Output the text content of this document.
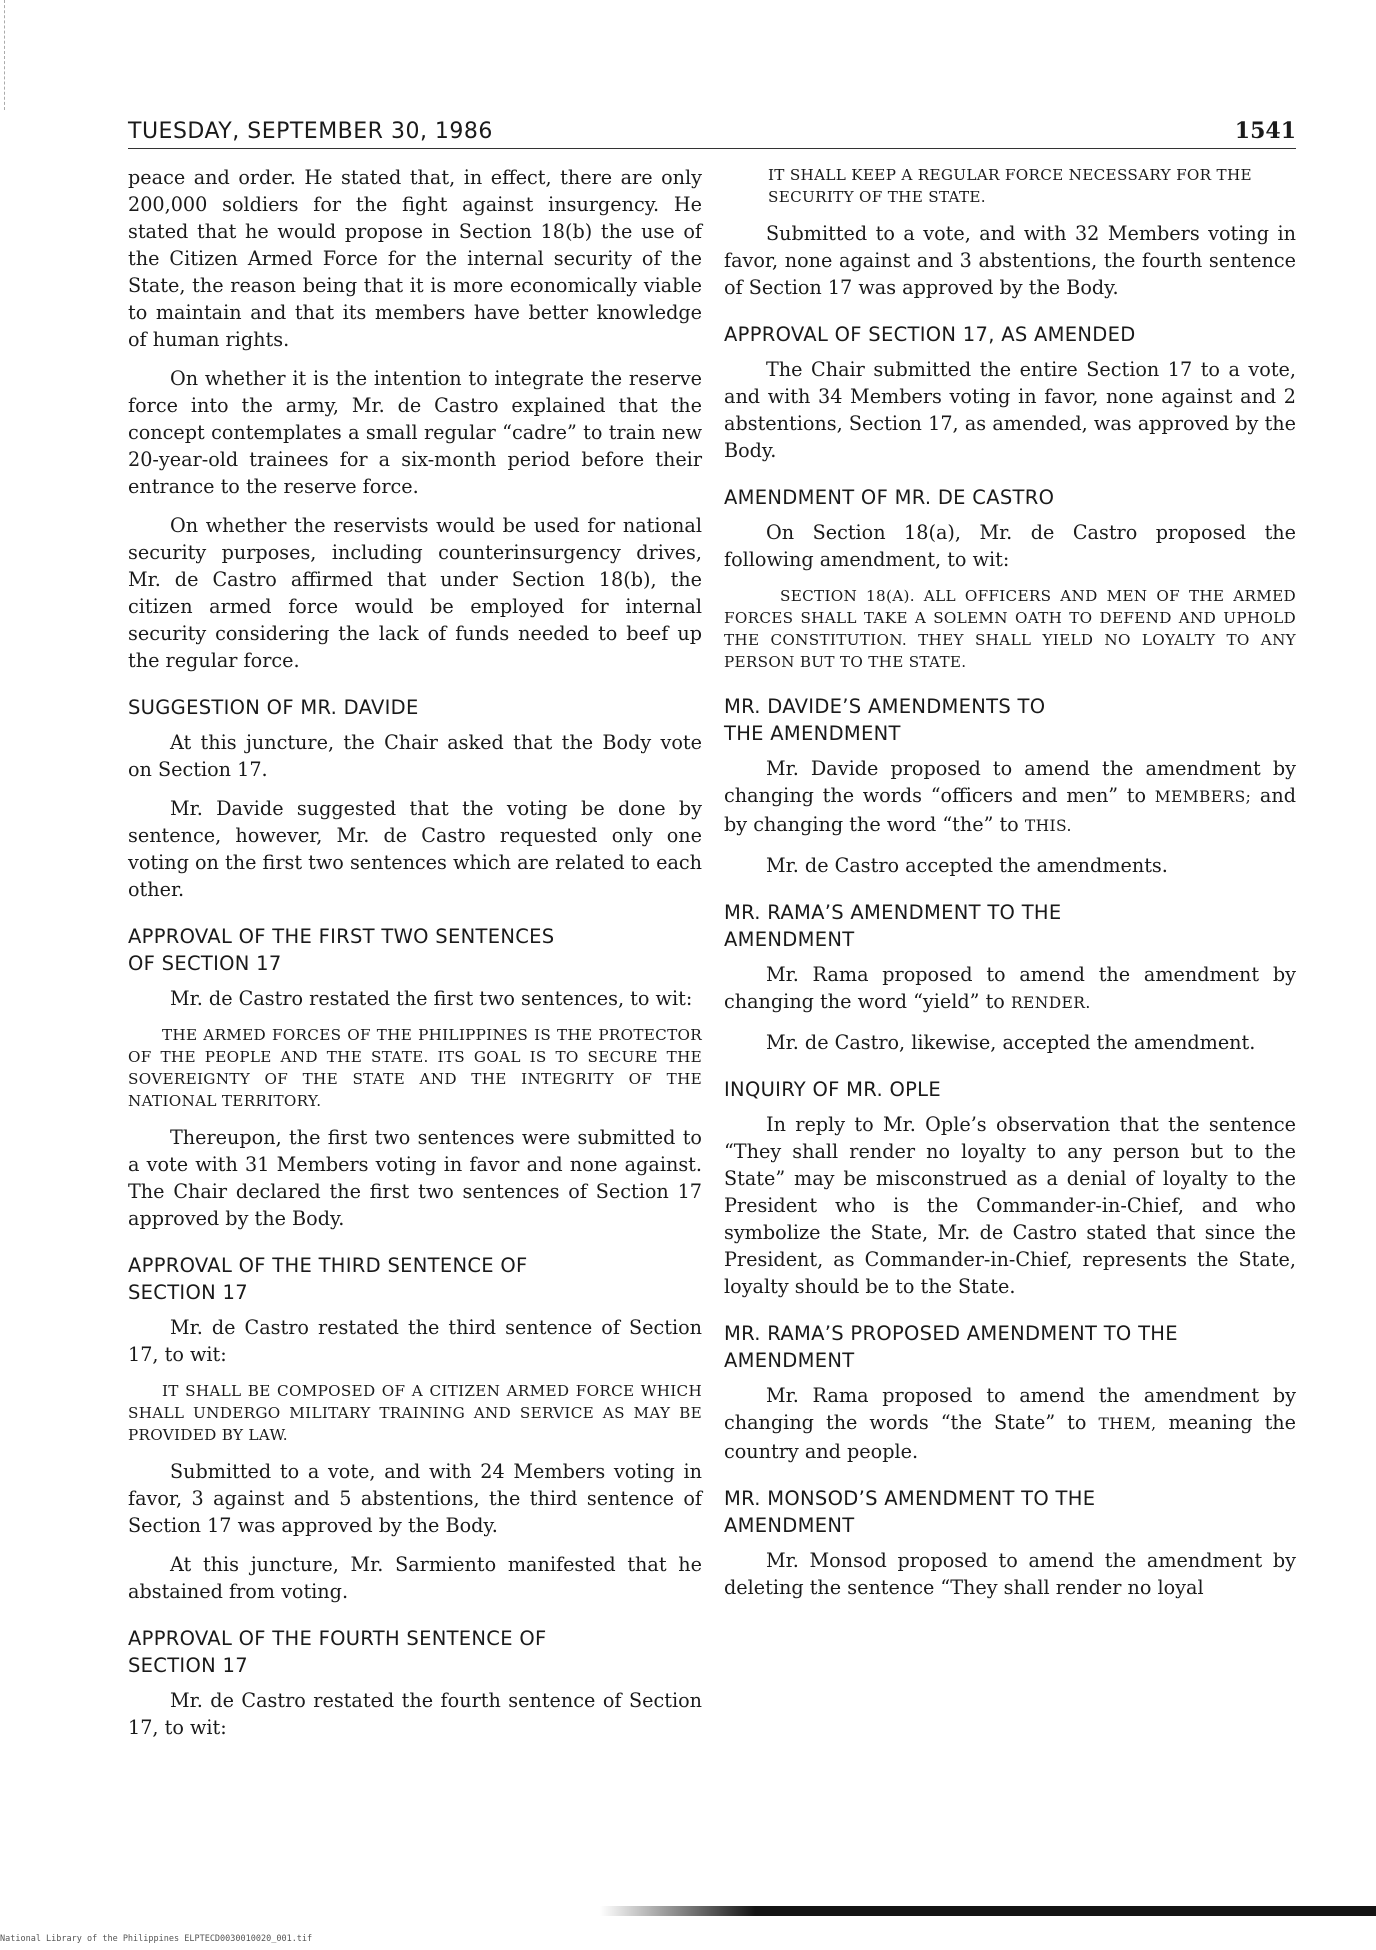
TUESDAY, SEPTEMBER 30, 1986	1541

peace and order. He stated that, in effect, there are only 200,000 soldiers for the fight against insurgency. He stated that he would propose in Section 18(b) the use of the Citizen Armed Force for the internal security of the State, the reason being that it is more economically viable to maintain and that its members have better knowledge of human rights.

On whether it is the intention to integrate the reserve force into the army, Mr. de Castro explained that the concept contemplates a small regular “cadre” to train new 20-year-old trainees for a six-month period before their entrance to the reserve force.

On whether the reservists would be used for national security purposes, including counterinsurgency drives, Mr. de Castro affirmed that under Section 18(b), the citizen armed force would be employed for internal security considering the lack of funds needed to beef up the regular force.

SUGGESTION OF MR. DAVIDE

At this juncture, the Chair asked that the Body vote on Section 17.

Mr. Davide suggested that the voting be done by sentence, however, Mr. de Castro requested only one voting on the first two sentences which are related to each other.

APPROVAL OF THE FIRST TWO SENTENCES OF SECTION 17

Mr. de Castro restated the first two sentences, to wit:

THE ARMED FORCES OF THE PHILIPPINES IS THE PROTECTOR OF THE PEOPLE AND THE STATE. ITS GOAL IS TO SECURE THE SOVEREIGNTY OF THE STATE AND THE INTEGRITY OF THE NATIONAL TERRITORY.

Thereupon, the first two sentences were submitted to a vote with 31 Members voting in favor and none against. The Chair declared the first two sentences of Section 17 approved by the Body.

APPROVAL OF THE THIRD SENTENCE OF SECTION 17

Mr. de Castro restated the third sentence of Section 17, to wit:

IT SHALL BE COMPOSED OF A CITIZEN ARMED FORCE WHICH SHALL UNDERGO MILITARY TRAINING AND SERVICE AS MAY BE PROVIDED BY LAW.

Submitted to a vote, and with 24 Members voting in favor, 3 against and 5 abstentions, the third sentence of Section 17 was approved by the Body.

At this juncture, Mr. Sarmiento manifested that he abstained from voting.

APPROVAL OF THE FOURTH SENTENCE OF SECTION 17

Mr. de Castro restated the fourth sentence of Section 17, to wit:

IT SHALL KEEP A REGULAR FORCE NECESSARY FOR THE SECURITY OF THE STATE.

Submitted to a vote, and with 32 Members voting in favor, none against and 3 abstentions, the fourth sentence of Section 17 was approved by the Body.

APPROVAL OF SECTION 17, AS AMENDED

The Chair submitted the entire Section 17 to a vote, and with 34 Members voting in favor, none against and 2 abstentions, Section 17, as amended, was approved by the Body.

AMENDMENT OF MR. DE CASTRO

On Section 18(a), Mr. de Castro proposed the following amendment, to wit:

SECTION 18(A). ALL OFFICERS AND MEN OF THE ARMED FORCES SHALL TAKE A SOLEMN OATH TO DEFEND AND UPHOLD THE CONSTITUTION. THEY SHALL YIELD NO LOYALTY TO ANY PERSON BUT TO THE STATE.
MR. DAVIDE’S AMENDMENTS TO THE AMENDMENT

Mr. Davide proposed to amend the amendment by changing the words “officers and men” to MEMBERS; and by changing the word “the” to THIS.

Mr. de Castro accepted the amendments.

MR. RAMA’S AMENDMENT TO THE AMENDMENT

Mr. Rama proposed to amend the amendment by changing the word “yield” to RENDER.

Mr. de Castro, likewise, accepted the amendment.

INQUIRY OF MR. OPLE

In reply to Mr. Ople’s observation that the sentence “They shall render no loyalty to any person but to the State” may be misconstrued as a denial of loyalty to the President who is the Commander-in-Chief, and who symbolize the State, Mr. de Castro stated that since the President, as Commander-in-Chief, represents the State, loyalty should be to the State.

MR. RAMA’S PROPOSED AMENDMENT TO THE AMENDMENT

Mr. Rama proposed to amend the amendment by changing the words “the State” to THEM, meaning the country and people.

MR. MONSOD’S AMENDMENT TO THE AMENDMENT

Mr. Monsod proposed to amend the amendment by deleting the sentence “They shall render no loyal

National Library of the Philippines ELPTECD0030010020_001.tif
